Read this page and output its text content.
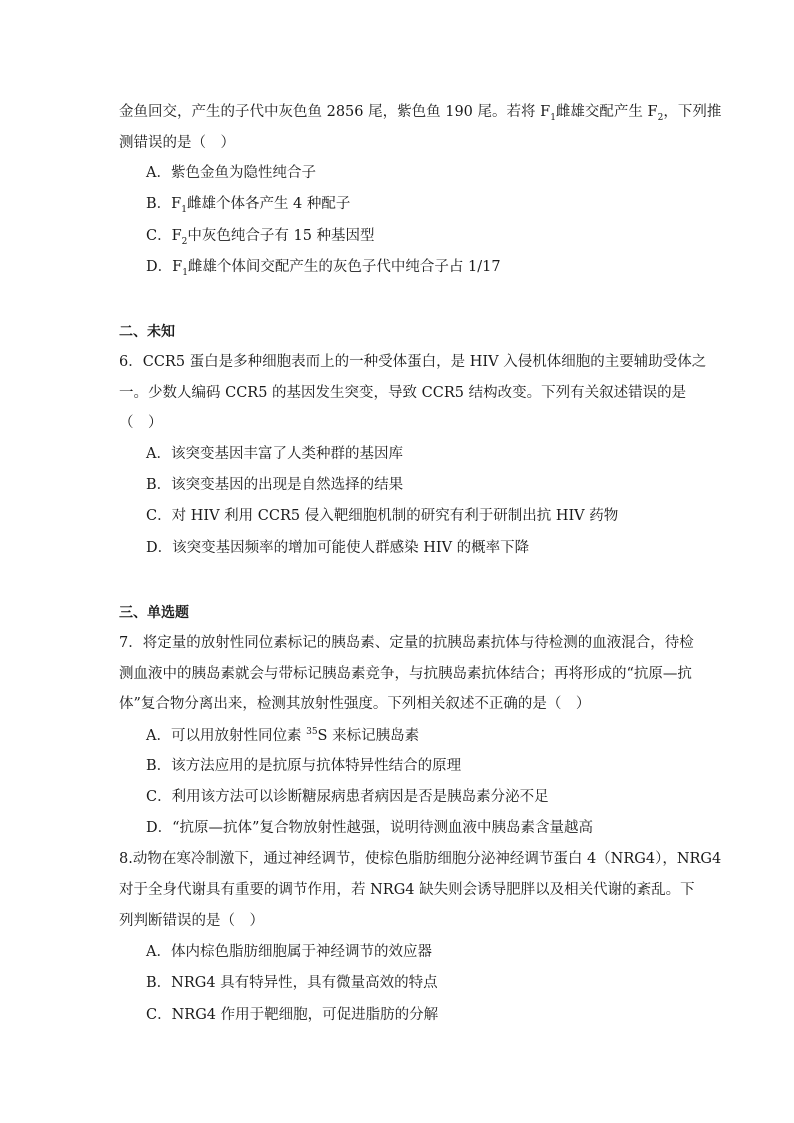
金鱼回交，产生的子代中灰色鱼 2856 尾，紫色鱼 190 尾。若将 $F_1$雌雄交配产生 $F_2$，下列推
测错误的是（　）
A．紫色金鱼为隐性纯合子
B．$F_1$雌雄个体各产生 4 种配子
C．$F_2$中灰色纯合子有 15 种基因型
D．$F_1$雌雄个体间交配产生的灰色子代中纯合子占 1/17
二、未知
6．CCR5 蛋白是多种细胞表而上的一种受体蛋白，是 HIV 入侵机体细胞的主要辅助受体之
一。少数人编码 CCR5 的基因发生突变，导致 CCR5 结构改变。下列有关叙述错误的是
（　）
A．该突变基因丰富了人类种群的基因库
B．该突变基因的出现是自然选择的结果
C．对 HIV 利用 CCR5 侵入靶细胞机制的研究有利于研制出抗 HIV 药物
D．该突变基因频率的增加可能使人群感染 HIV 的概率下降
三、单选题
7．将定量的放射性同位素标记的胰岛素、定量的抗胰岛素抗体与待检测的血液混合，待检
测血液中的胰岛素就会与带标记胰岛素竞争，与抗胰岛素抗体结合；再将形成的“抗原—抗
体”复合物分离出来，检测其放射性强度。下列相关叙述不正确的是（　）
A．可以用放射性同位素 $^{35}$S 来标记胰岛素
B．该方法应用的是抗原与抗体特异性结合的原理
C．利用该方法可以诊断糖尿病患者病因是否是胰岛素分泌不足
D．“抗原—抗体”复合物放射性越强，说明待测血液中胰岛素含量越高
8.动物在寒冷制激下，通过神经调节，使棕色脂肪细胞分泌神经调节蛋白 4（NRG4），NRG4
对于全身代谢具有重要的调节作用，若 NRG4 缺失则会诱导肥胖以及相关代谢的紊乱。下
列判断错误的是（　）
A．体内棕色脂肪细胞属于神经调节的效应器
B．NRG4 具有特异性，具有微量高效的特点
C．NRG4 作用于靶细胞，可促进脂肪的分解
